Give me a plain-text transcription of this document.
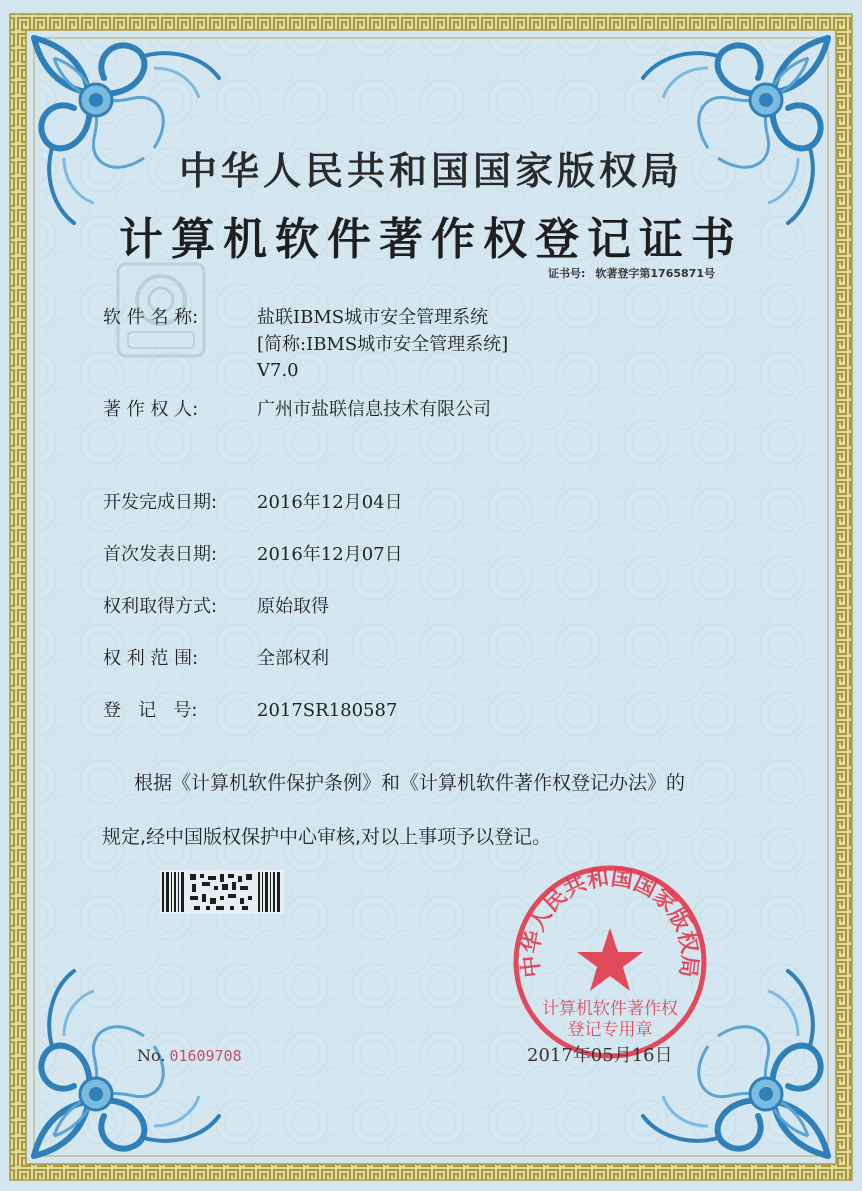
中华人民共和国国家版权局
计算机软件著作权登记证书
证书号: 软著登字第1765871号
软 件 名 称:	盐联IBMS城市安全管理系统
[简称:IBMS城市安全管理系统]
V7.0
著 作 权 人:	广州市盐联信息技术有限公司
开发完成日期: 2016年12月04日
首次发表日期: 2016年12月07日
权利取得方式: 原始取得
权 利 范 围:	全部权利
登   记   号:	2017SR180587
根据《计算机软件保护条例》和《计算机软件著作权登记办法》的
规定,经中国版权保护中心审核,对以上事项予以登记。
No. 01609708
中华人民共和国国家版权局
计算机软件著作权
登记专用章
2017年05月16日
